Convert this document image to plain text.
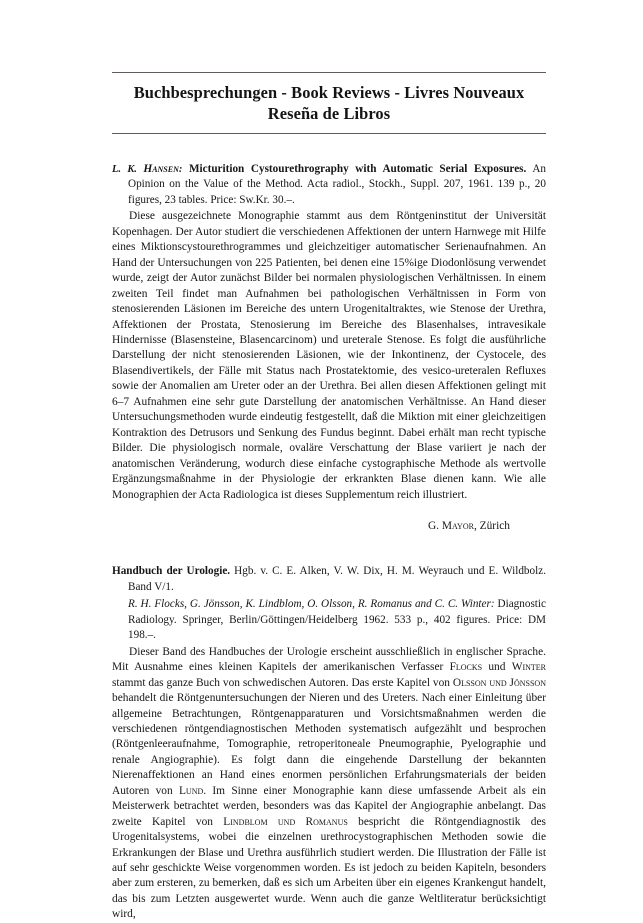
Buchbesprechungen - Book Reviews - Livres Nouveaux
Reseña de Libros
L. K. Hansen: Micturition Cystourethrography with Automatic Serial Exposures. An Opinion on the Value of the Method. Acta radiol., Stockh., Suppl. 207, 1961. 139 p., 20 figures, 23 tables. Price: Sw.Kr. 30.–.

Diese ausgezeichnete Monographie stammt aus dem Röntgeninstitut der Universität Kopenhagen. Der Autor studiert die verschiedenen Affektionen der untern Harnwege mit Hilfe eines Miktionscystourethrogrammes und gleichzeitiger automatischer Serienaufnahmen. An Hand der Untersuchungen von 225 Patienten, bei denen eine 15%ige Diodonlösung verwendet wurde, zeigt der Autor zunächst Bilder bei normalen physiologischen Verhältnissen. In einem zweiten Teil findet man Aufnahmen bei pathologischen Verhältnissen in Form von stenosierenden Läsionen im Bereiche des untern Urogenitaltraktes, wie Stenose der Urethra, Affektionen der Prostata, Stenosierung im Bereiche des Blasenhalses, intravesikale Hindernisse (Blasensteine, Blasencarcinom) und ureterale Stenose. Es folgt die ausführliche Darstellung der nicht stenosierenden Läsionen, wie der Inkontinenz, der Cystocele, des Blasendivertikels, der Fälle mit Status nach Prostatektomie, des vesico-ureteralen Refluxes sowie der Anomalien am Ureter oder an der Urethra. Bei allen diesen Affektionen gelingt mit 6–7 Aufnahmen eine sehr gute Darstellung der anatomischen Verhältnisse. An Hand dieser Untersuchungsmethoden wurde eindeutig festgestellt, daß die Miktion mit einer gleichzeitigen Kontraktion des Detrusors und Senkung des Fundus beginnt. Dabei erhält man recht typische Bilder. Die physiologisch normale, ovaläre Verschattung der Blase variiert je nach der anatomischen Veränderung, wodurch diese einfache cystographische Methode als wertvolle Ergänzungsmaßnahme in der Physiologie der erkrankten Blase dienen kann. Wie alle Monographien der Acta Radiologica ist dieses Supplementum reich illustriert.

G. Mayor, Zürich
Handbuch der Urologie. Hgb. v. C. E. Alken, V. W. Dix, H. M. Weyrauch und E. Wildbolz. Band V/1.
R. H. Flocks, G. Jönsson, K. Lindblom, O. Olsson, R. Romanus and C. C. Winter: Diagnostic Radiology. Springer, Berlin/Göttingen/Heidelberg 1962. 533 p., 402 figures. Price: DM 198.–.

Dieser Band des Handbuches der Urologie erscheint ausschließlich in englischer Sprache. Mit Ausnahme eines kleinen Kapitels der amerikanischen Verfasser Flocks und Winter stammt das ganze Buch von schwedischen Autoren. Das erste Kapitel von Olsson und Jönsson behandelt die Röntgenuntersuchungen der Nieren und des Ureters. Nach einer Einleitung über allgemeine Betrachtungen, Röntgenapparaturen und Vorsichtsmaßnahmen werden die verschiedenen röntgendiagnostischen Methoden systematisch aufgezählt und besprochen (Röntgenleeraufnahme, Tomographie, retroperitoneale Pneumographie, Pyelographie und renale Angiographie). Es folgt dann die eingehende Darstellung der bekannten Nierenaffektionen an Hand eines enormen persönlichen Erfahrungsmaterials der beiden Autoren von Lund. Im Sinne einer Monographie kann diese umfassende Arbeit als ein Meisterwerk betrachtet werden, besonders was das Kapitel der Angiographie anbelangt. Das zweite Kapitel von Lindblom und Romanus bespricht die Röntgendiagnostik des Urogenitalsystems, wobei die einzelnen urethrocystographischen Methoden sowie die Erkrankungen der Blase und Urethra ausführlich studiert werden. Die Illustration der Fälle ist auf sehr geschickte Weise vorgenommen worden. Es ist jedoch zu beiden Kapiteln, besonders aber zum ersteren, zu bemerken, daß es sich um Arbeiten über ein eigenes Krankengut handelt, das bis zum Letzten ausgewertet wurde. Wenn auch die ganze Weltliteratur berücksichtigt wird,
